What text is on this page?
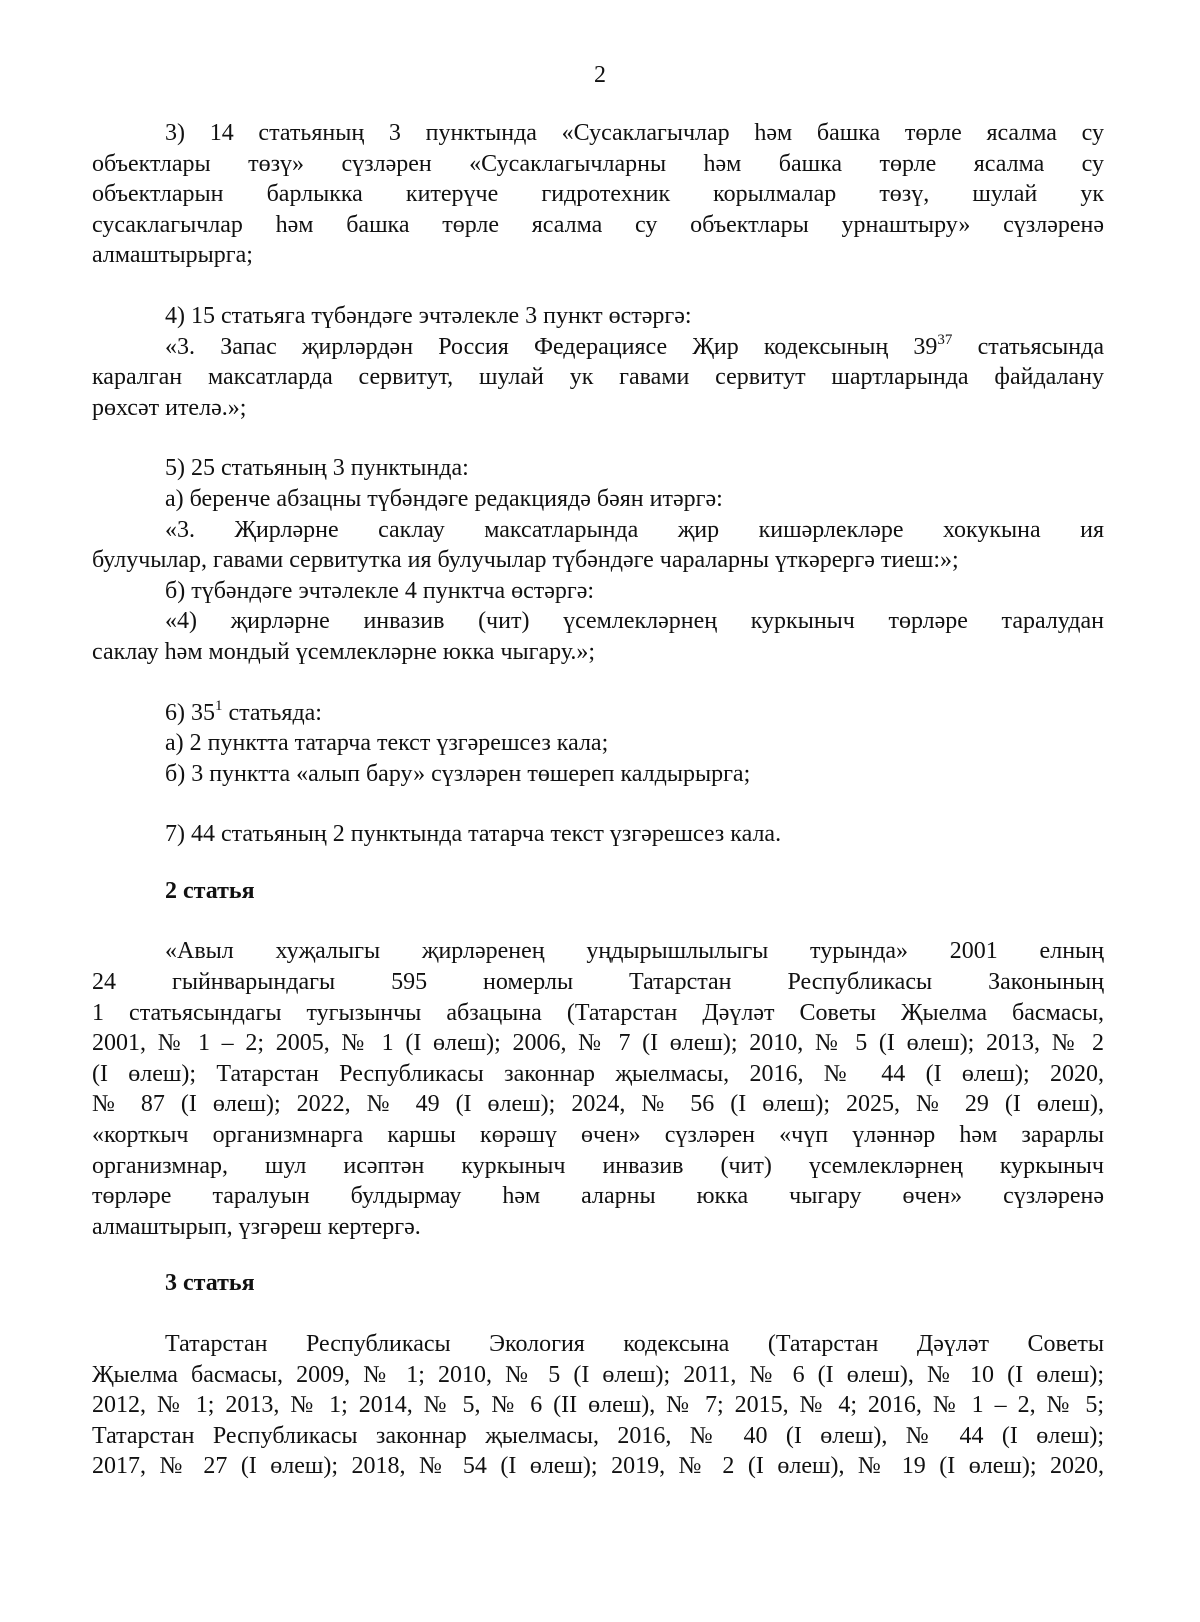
2

3) 14 статьяның 3 пунктында «Сусаклагычлар һәм башка төрле ясалма су

объектлары төзү» сүзләрен «Сусаклагычларны һәм башка төрле ясалма су

объектларын барлыкка китерүче гидротехник корылмалар төзү, шулай ук

сусаклагычлар һәм башка төрле ясалма су объектлары урнаштыру» сүзләренә

алмаштырырга;

4) 15 статьяга түбәндәге эчтәлекле 3 пункт өстәргә:

«3. Запас җирләрдән Россия Федерациясе Җир кодексының $39^{37}$ статьясында

каралган максатларда сервитут, шулай ук гавами сервитут шартларында файдалану

рөхсәт ителә.»;

5) 25 статьяның 3 пунктында:

а) беренче абзацны түбәндәге редакциядә бәян итәргә:

«3. Җирләрне саклау максатларында җир кишәрлекләре хокукына ия

булучылар, гавами сервитутка ия булучылар түбәндәге чараларны үткәрергә тиеш:»;

б) түбәндәге эчтәлекле 4 пунктча өстәргә:

«4) җирләрне инвазив (чит) үсемлекләрнең куркыныч төрләре таралудан

саклау һәм мондый үсемлекләрне юкка чыгару.»;

6) $35^1$ статьяда:

а) 2 пунктта татарча текст үзгәрешсез кала;

б) 3 пунктта «алып бару» сүзләрен төшереп калдырырга;

7) 44 статьяның 2 пунктында татарча текст үзгәрешсез кала.

2 статья

«Авыл хуҗалыгы җирләренең уңдырышлылыгы турында» 2001 елның

24 гыйнварындагы 595 номерлы Татарстан Республикасы Законының

1 статьясындагы тугызынчы абзацына (Татарстан Дәүләт Советы Җыелма басмасы,

2001, № 1 – 2; 2005, № 1 (I өлеш); 2006, № 7 (I өлеш); 2010, № 5 (I өлеш); 2013, № 2

(I өлеш); Татарстан Республикасы законнар җыелмасы, 2016, № 44 (I өлеш); 2020,

№ 87 (I өлеш); 2022, № 49 (I өлеш); 2024, № 56 (I өлеш); 2025, № 29 (I өлеш),

«корткыч организмнарга каршы көрәшү өчен» сүзләрен «чүп үләннәр һәм зарарлы

организмнар, шул исәптән куркыныч инвазив (чит) үсемлекләрнең куркыныч

төрләре таралуын булдырмау һәм аларны юкка чыгару өчен» сүзләренә

алмаштырып, үзгәреш кертергә.

3 статья

Татарстан Республикасы Экология кодексына (Татарстан Дәүләт Советы

Җыелма басмасы, 2009, № 1; 2010, № 5 (I өлеш); 2011, № 6 (I өлеш), № 10 (I өлеш);

2012, № 1; 2013, № 1; 2014, № 5, № 6 (II өлеш), № 7; 2015, № 4; 2016, № 1 – 2, № 5;

Татарстан Республикасы законнар җыелмасы, 2016, № 40 (I өлеш), № 44 (I өлеш);

2017, № 27 (I өлеш); 2018, № 54 (I өлеш); 2019, № 2 (I өлеш), № 19 (I өлеш); 2020,
